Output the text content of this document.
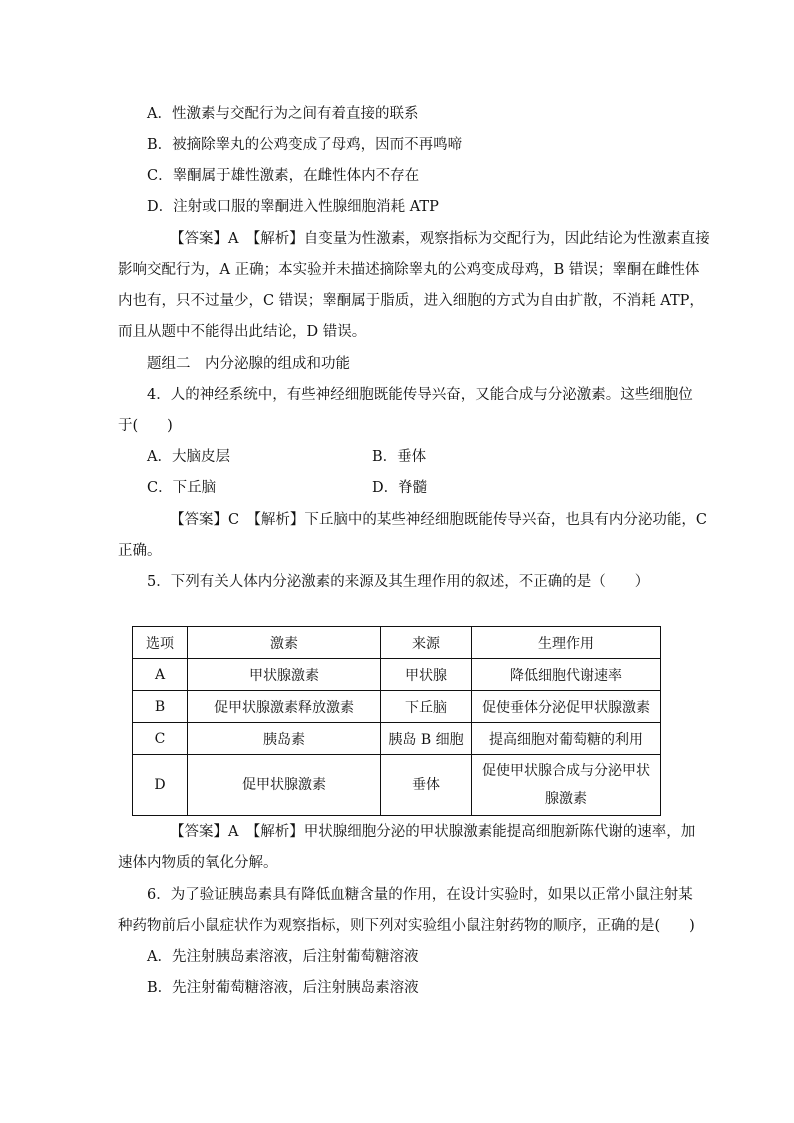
A．性激素与交配行为之间有着直接的联系
B．被摘除睾丸的公鸡变成了母鸡，因而不再鸣啼
C．睾酮属于雄性激素，在雌性体内不存在
D．注射或口服的睾酮进入性腺细胞消耗 ATP
【答案】A　 【解析】自变量为性激素，观察指标为交配行为，因此结论为性激素直接
影响交配行为，A 正确；本实验并未描述摘除睾丸的公鸡变成母鸡，B 错误；睾酮在雌性体
内也有，只不过量少，C 错误；睾酮属于脂质，进入细胞的方式为自由扩散，不消耗 ATP，
而且从题中不能得出此结论，D 错误。
题组二　内分泌腺的组成和功能
4．人的神经系统中，有些神经细胞既能传导兴奋，又能合成与分泌激素。这些细胞位
于(　　)
A．大脑皮层	B．垂体
C．下丘脑	D．脊髓
【答案】C　 【解析】下丘脑中的某些神经细胞既能传导兴奋，也具有内分泌功能，C
正确。
5．下列有关人体内分泌激素的来源及其生理作用的叙述，不正确的是（　　）
选项	激素	来源	生理作用
A	甲状腺激素	甲状腺	降低细胞代谢速率
B	促甲状腺激素释放激素	下丘脑	促使垂体分泌促甲状腺激素
C	胰岛素	胰岛 B 细胞	提高细胞对葡萄糖的利用
D	促甲状腺激素	垂体	促使甲状腺合成与分泌甲状腺激素
【答案】A　 【解析】甲状腺细胞分泌的甲状腺激素能提高细胞新陈代谢的速率，加
速体内物质的氧化分解。
6．为了验证胰岛素具有降低血糖含量的作用，在设计实验时，如果以正常小鼠注射某
种药物前后小鼠症状作为观察指标，则下列对实验组小鼠注射药物的顺序，正确的是(　　)
A．先注射胰岛素溶液，后注射葡萄糖溶液
B．先注射葡萄糖溶液，后注射胰岛素溶液
